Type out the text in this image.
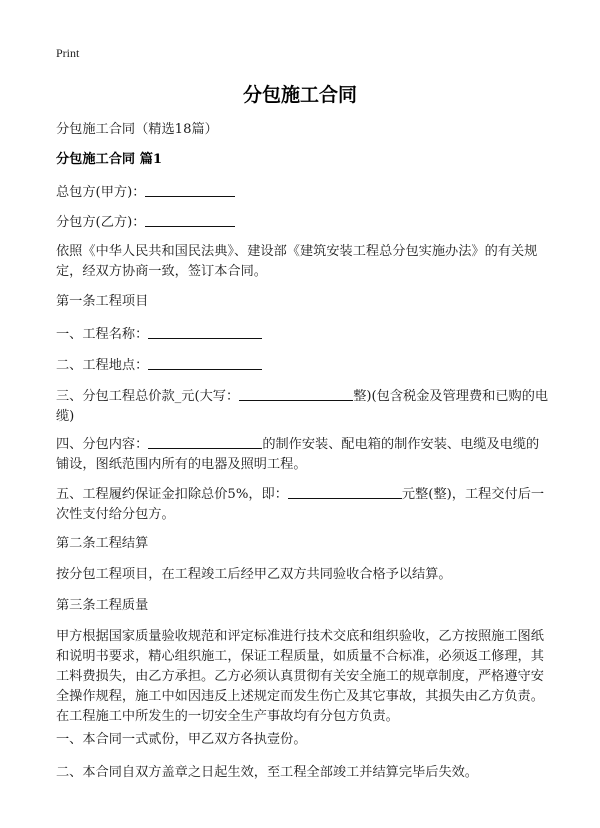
Print
分包施工合同
分包施工合同（精选18篇）
分包施工合同 篇1
总包方(甲方)：
分包方(乙方)：
依照《中华人民共和国民法典》、建设部《建筑安装工程总分包实施办法》的有关规定，经双方协商一致，签订本合同。
第一条工程项目
一、工程名称：
二、工程地点：
三、分包工程总价款_元(大写：	整)(包含税金及管理费和已购的电缆)
四、分包内容：	的制作安装、配电箱的制作安装、电缆及电缆的铺设，图纸范围内所有的电器及照明工程。
五、工程履约保证金扣除总价5%，即：	元整(整)，工程交付后一次性支付给分包方。
第二条工程结算
按分包工程项目，在工程竣工后经甲乙双方共同验收合格予以结算。
第三条工程质量
甲方根据国家质量验收规范和评定标准进行技术交底和组织验收，乙方按照施工图纸和说明书要求，精心组织施工，保证工程质量，如质量不合标准，必须返工修理，其工料费损失，由乙方承担。乙方必须认真贯彻有关安全施工的规章制度，严格遵守安全操作规程，施工中如因违反上述规定而发生伤亡及其它事故，其损失由乙方负责。在工程施工中所发生的一切安全生产事故均有分包方负责。
一、本合同一式贰份，甲乙双方各执壹份。
二、本合同自双方盖章之日起生效，至工程全部竣工并结算完毕后失效。
